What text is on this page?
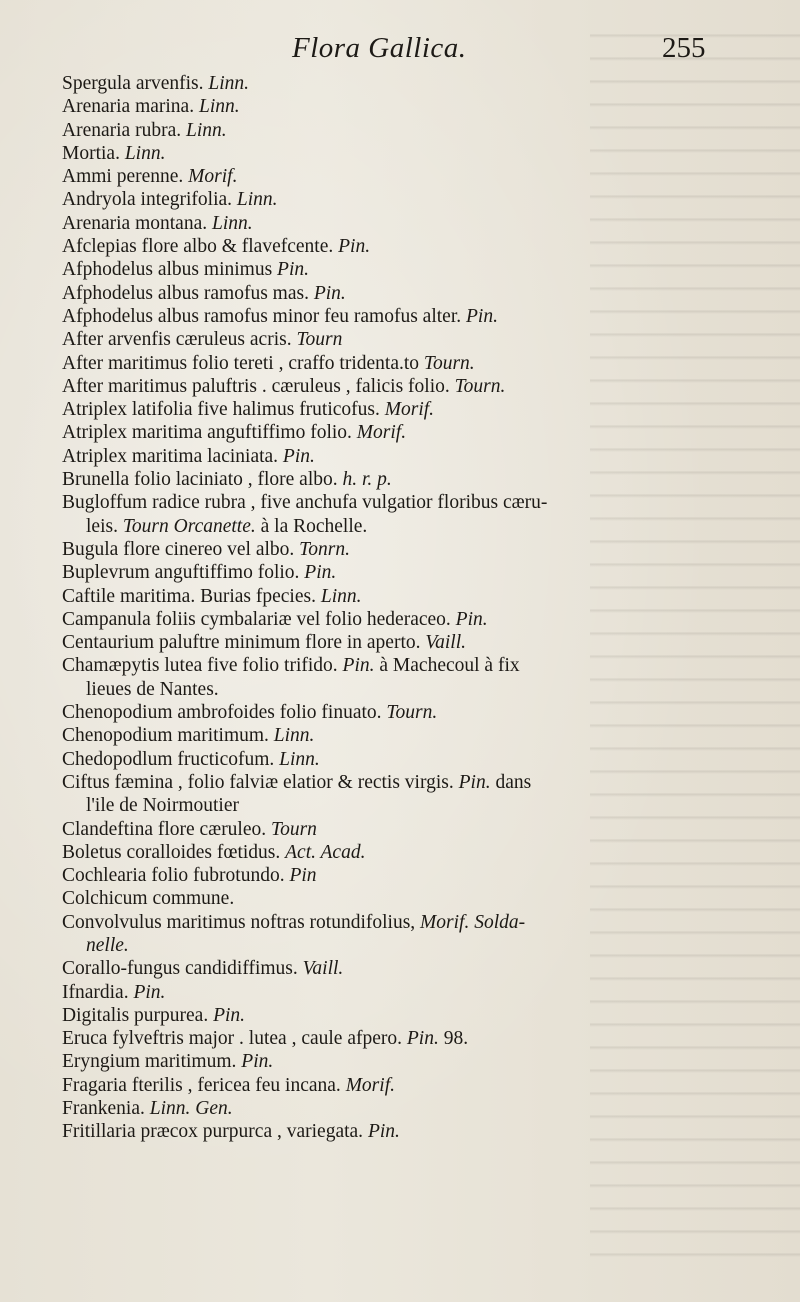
Flora Gallica.	255
Spergula arvenfis. Linn.
Arenaria marina. Linn.
Arenaria rubra. Linn.
Mortia. Linn.
Ammi perenne. Morif.
Andryola integrifolia. Linn.
Arenaria montana. Linn.
Afclepias flore albo & flavefcente. Pin.
Afphodelus albus minimus Pin.
Afphodelus albus ramofus mas. Pin.
Afphodelus albus ramofus minor feu ramofus alter. Pin.
After arvenfis cæruleus acris. Tourn
After maritimus folio tereti , craffo tridenta.to Tourn.
After maritimus paluftris . cæruleus , falicis folio. Tourn.
Atriplex latifolia five halimus fruticofus. Morif.
Atriplex maritima anguftiffimo folio. Morif.
Atriplex maritima laciniata. Pin.
Brunella folio laciniato , flore albo. h. r. p.
Bugloffum radice rubra , five anchufa vulgatior floribus cæru-
leis. Tourn Orcanette. à la Rochelle.
Bugula flore cinereo vel albo. Tonrn.
Buplevrum anguftiffimo folio. Pin.
Caftile maritima. Burias fpecies. Linn.
Campanula foliis cymbalariæ vel folio hederaceo. Pin.
Centaurium paluftre minimum flore in aperto. Vaill.
Chamæpytis lutea five folio trifido. Pin. à Machecoul à fix
lieues de Nantes.
Chenopodium ambrofoides folio finuato. Tourn.
Chenopodium maritimum. Linn.
Chedopodlum fructicofum. Linn.
Ciftus fæmina , folio falviæ elatior & rectis virgis. Pin. dans
l'ile de Noirmoutier
Clandeftina flore cæruleo. Tourn
Boletus coralloides fœtidus. Act. Acad.
Cochlearia folio fubrotundo. Pin
Colchicum commune.
Convolvulus maritimus noftras rotundifolius, Morif. Solda-
nelle.
Corallo-fungus candidiffimus. Vaill.
Ifnardia. Pin.
Digitalis purpurea. Pin.
Eruca fylveftris major . lutea , caule afpero. Pin. 98.
Eryngium maritimum. Pin.
Fragaria fterilis , fericea feu incana. Morif.
Frankenia. Linn. Gen.
Fritillaria præcox purpurca , variegata. Pin.
